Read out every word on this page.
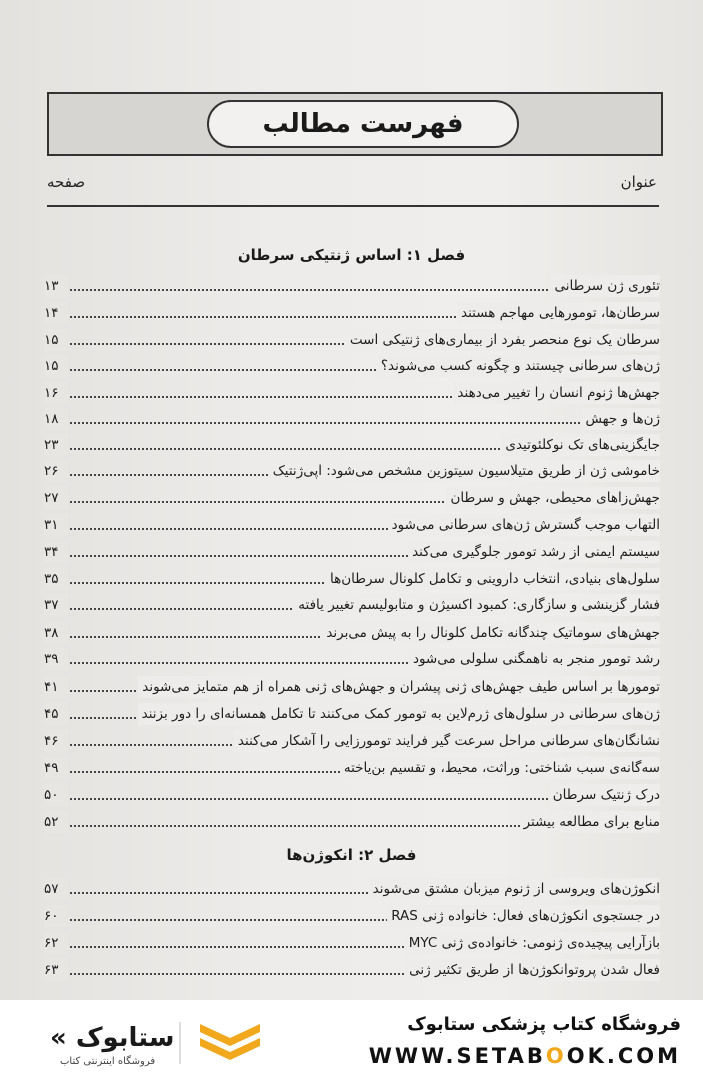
فهرست مطالب
عنوان
صفحه
فصل ۱: اساس ژنتیکی سرطان
تئوری ژن سرطانی
۱۳
سرطان‌ها، تومورهایی مهاجم هستند
۱۴
سرطان یک نوع منحصر بفرد از بیماری‌های ژنتیکی است
۱۵
ژن‌های سرطانی چیستند و چگونه کسب می‌شوند؟
۱۵
جهش‌ها ژنوم انسان را تغییر می‌دهند
۱۶
ژن‌ها و جهش
۱۸
جایگزینی‌های تک نوکلئوتیدی
۲۳
خاموشی ژن از طریق متیلاسیون سیتوزین مشخص می‌شود: اپی‌ژنتیک
۲۶
جهش‌زاهای محیطی، جهش و سرطان
۲۷
التهاب موجب گسترش ژن‌های سرطانی می‌شود
۳۱
سیستم ایمنی از رشد تومور جلوگیری می‌کند
۳۴
سلول‌های بنیادی، انتخاب داروینی و تکامل کلونال سرطان‌ها
۳۵
فشار گزینشی و سازگاری: کمبود اکسیژن و متابولیسم تغییر یافته
۳۷
جهش‌های سوماتیک چندگانه تکامل کلونال را به پیش می‌برند
۳۸
رشد تومور منجر به ناهمگنی سلولی می‌شود
۳۹
تومورها بر اساس طیف جهش‌های ژنی پیشران و جهش‌های ژنی همراه از هم متمایز می‌شوند
۴۱
ژن‌های سرطانی در سلول‌های ژرم‌لاین به تومور کمک می‌کنند تا تکامل همسانه‌ای را دور بزنند
۴۵
نشانگان‌های سرطانی مراحل سرعت گیر فرایند تومورزایی را آشکار می‌کنند
۴۶
سه‌گانه‌ی سبب شناختی: وراثت، محیط، و تقسیم بن‌یاخته
۴۹
درک ژنتیک سرطان
۵۰
منابع برای مطالعه بیشتر
۵۲
فصل ۲: انکوژن‌ها
انکوژن‌های ویروسی از ژنوم میزبان مشتق می‌شوند
۵۷
در جستجوی انکوژن‌های فعال: خانواده ژنی RAS
۶۰
بازآرایی پیچیده‌ی ژنومی: خانواده‌ی ژنی MYC
۶۲
فعال شدن پروتوانکوژن‌ها از طریق تکثیر ژنی
۶۳
« ستابوک
فروشگاه اینترنتی کتاب
فروشگاه کتاب پزشکی ستابوک
WWW.SETABOOK.COM
